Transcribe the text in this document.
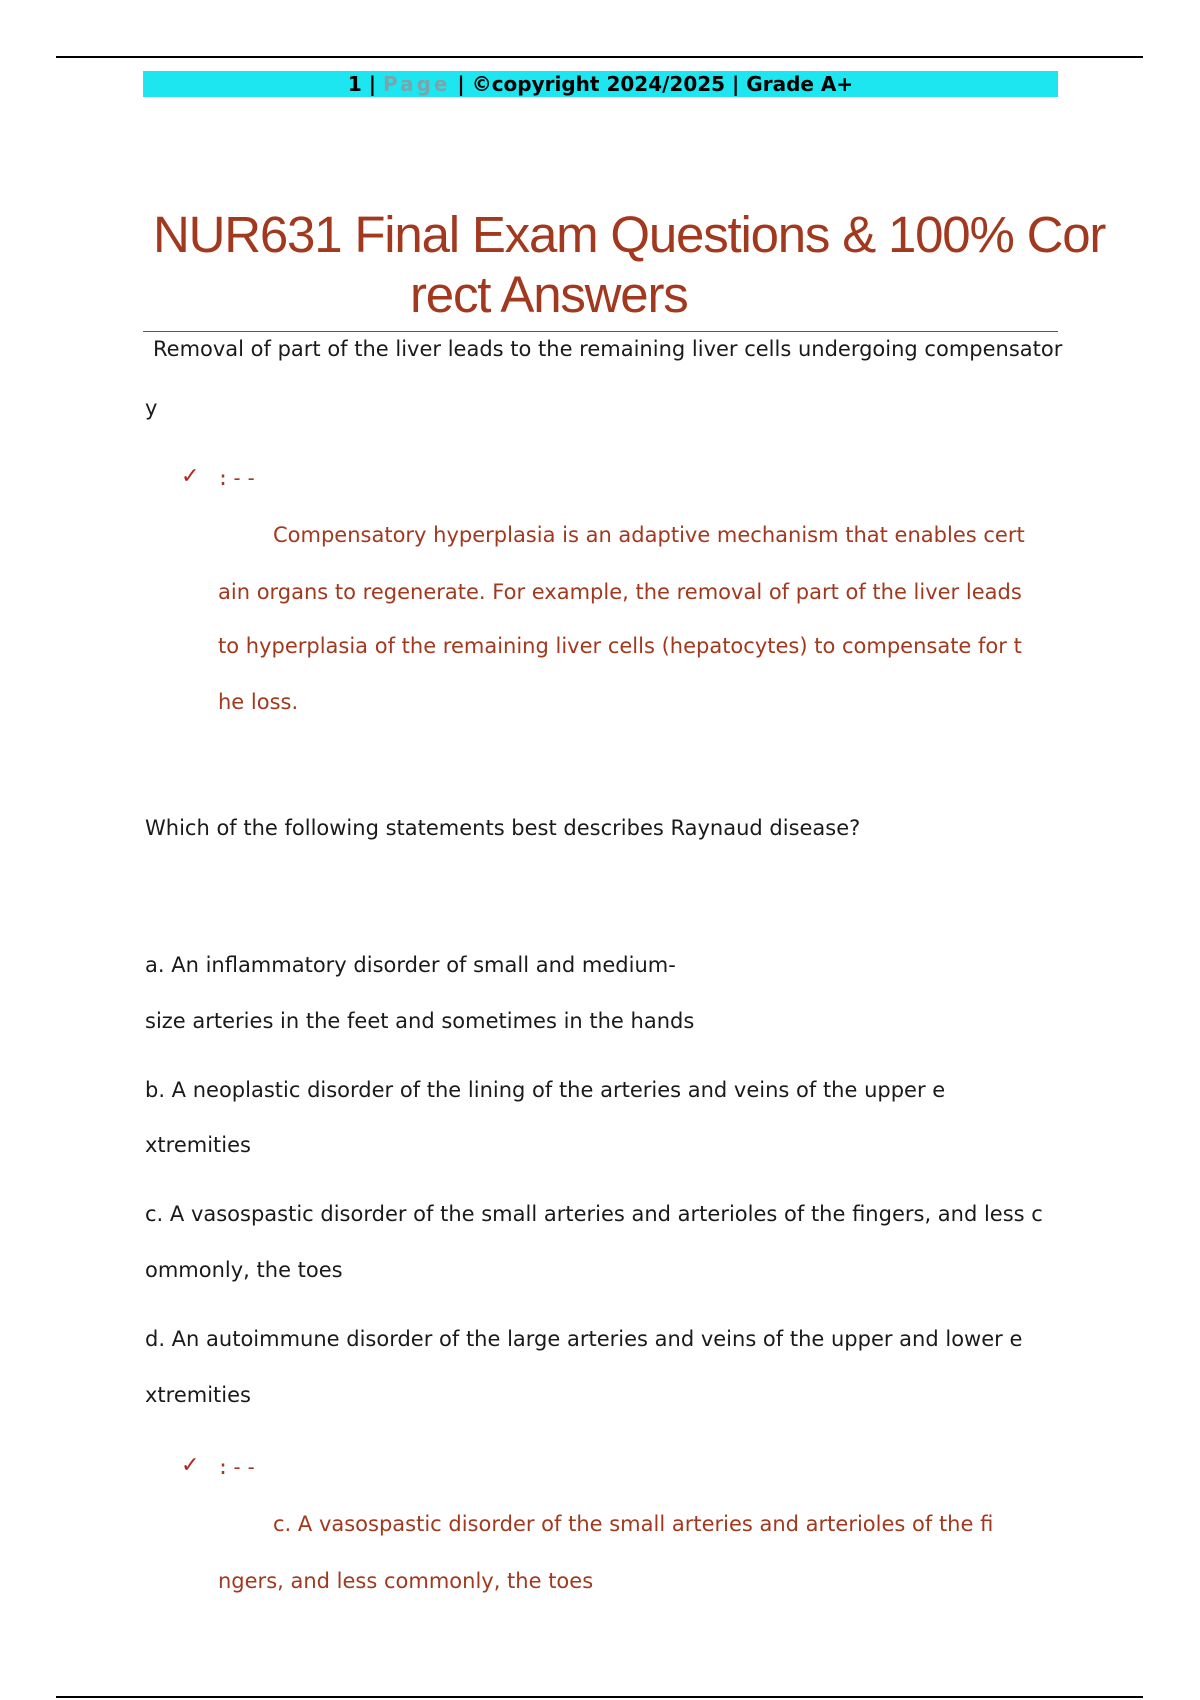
1 | Page | ©copyright 2024/2025 | Grade A+
NUR631 Final Exam Questions & 100% Cor
rect Answers
Removal of part of the liver leads to the remaining liver cells undergoing compensator
y
✓ :--
Compensatory hyperplasia is an adaptive mechanism that enables cert
ain organs to regenerate. For example, the removal of part of the liver leads
to hyperplasia of the remaining liver cells (hepatocytes) to compensate for t
he loss.
Which of the following statements best describes Raynaud disease?
a. An inflammatory disorder of small and medium-
size arteries in the feet and sometimes in the hands
b. A neoplastic disorder of the lining of the arteries and veins of the upper e
xtremities
c. A vasospastic disorder of the small arteries and arterioles of the fingers, and less c
ommonly, the toes
d. An autoimmune disorder of the large arteries and veins of the upper and lower e
xtremities
✓ :--
c. A vasospastic disorder of the small arteries and arterioles of the fi
ngers, and less commonly, the toes
